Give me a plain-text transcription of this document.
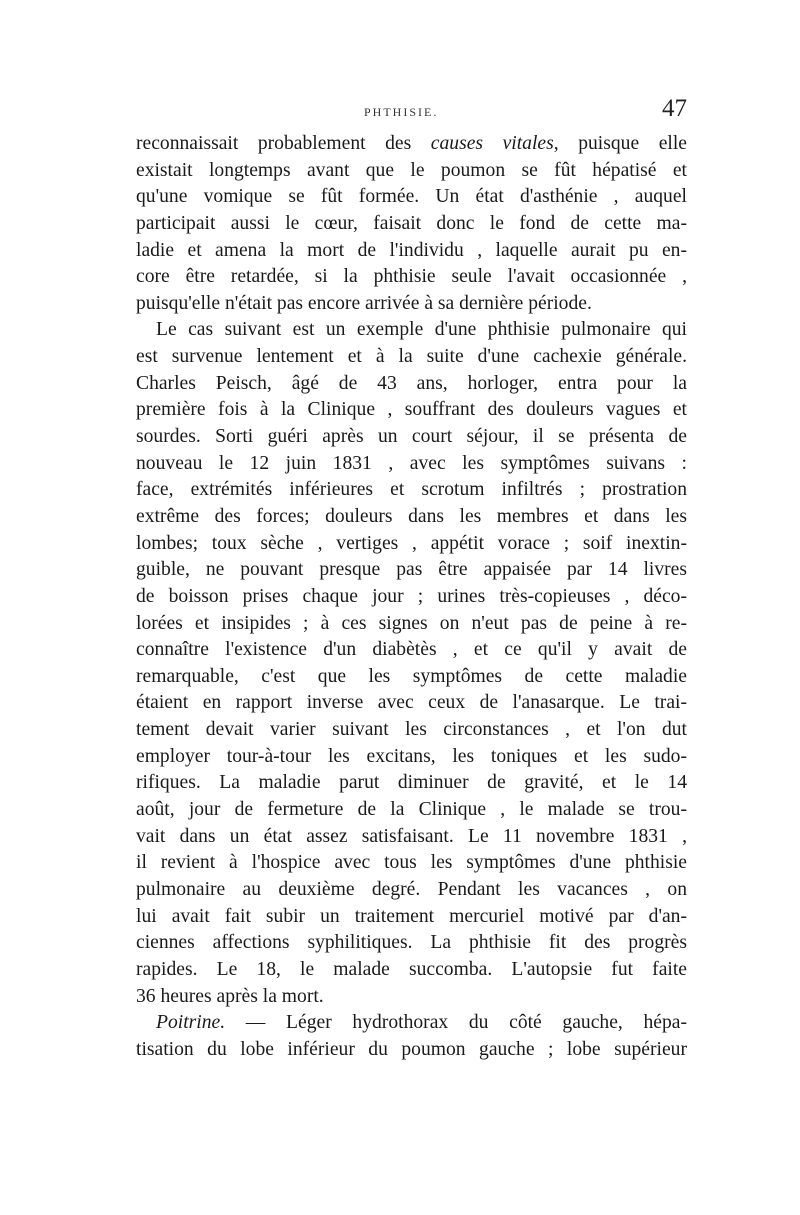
PHTHISIE.	47
reconnaissait probablement des causes vitales, puisque elle
existait longtemps avant que le poumon se fût hépatisé et
qu'une vomique se fût formée. Un état d'asthénie , auquel
participait aussi le cœur, faisait donc le fond de cette ma-
ladie et amena la mort de l'individu , laquelle aurait pu en-
core être retardée, si la phthisie seule l'avait occasionnée ,
puisqu'elle n'était pas encore arrivée à sa dernière période.
Le cas suivant est un exemple d'une phthisie pulmonaire qui
est survenue lentement et à la suite d'une cachexie générale.
Charles Peisch, âgé de 43 ans, horloger, entra pour la
première fois à la Clinique , souffrant des douleurs vagues et
sourdes. Sorti guéri après un court séjour, il se présenta de
nouveau le 12 juin 1831 , avec les symptômes suivans :
face, extrémités inférieures et scrotum infiltrés ; prostration
extrême des forces; douleurs dans les membres et dans les
lombes; toux sèche , vertiges , appétit vorace ; soif inextin-
guible, ne pouvant presque pas être appaisée par 14 livres
de boisson prises chaque jour ; urines très-copieuses , déco-
lorées et insipides ; à ces signes on n'eut pas de peine à re-
connaître l'existence d'un diabètès , et ce qu'il y avait de
remarquable, c'est que les symptômes de cette maladie
étaient en rapport inverse avec ceux de l'anasarque. Le trai-
tement devait varier suivant les circonstances , et l'on dut
employer tour-à-tour les excitans, les toniques et les sudo-
rifiques. La maladie parut diminuer de gravité, et le 14
août, jour de fermeture de la Clinique , le malade se trou-
vait dans un état assez satisfaisant. Le 11 novembre 1831 ,
il revient à l'hospice avec tous les symptômes d'une phthisie
pulmonaire au deuxième degré. Pendant les vacances , on
lui avait fait subir un traitement mercuriel motivé par d'an-
ciennes affections syphilitiques. La phthisie fit des progrès
rapides. Le 18, le malade succomba. L'autopsie fut faite
36 heures après la mort.
Poitrine. — Léger hydrothorax du côté gauche, hépa-
tisation du lobe inférieur du poumon gauche ; lobe supérieur
